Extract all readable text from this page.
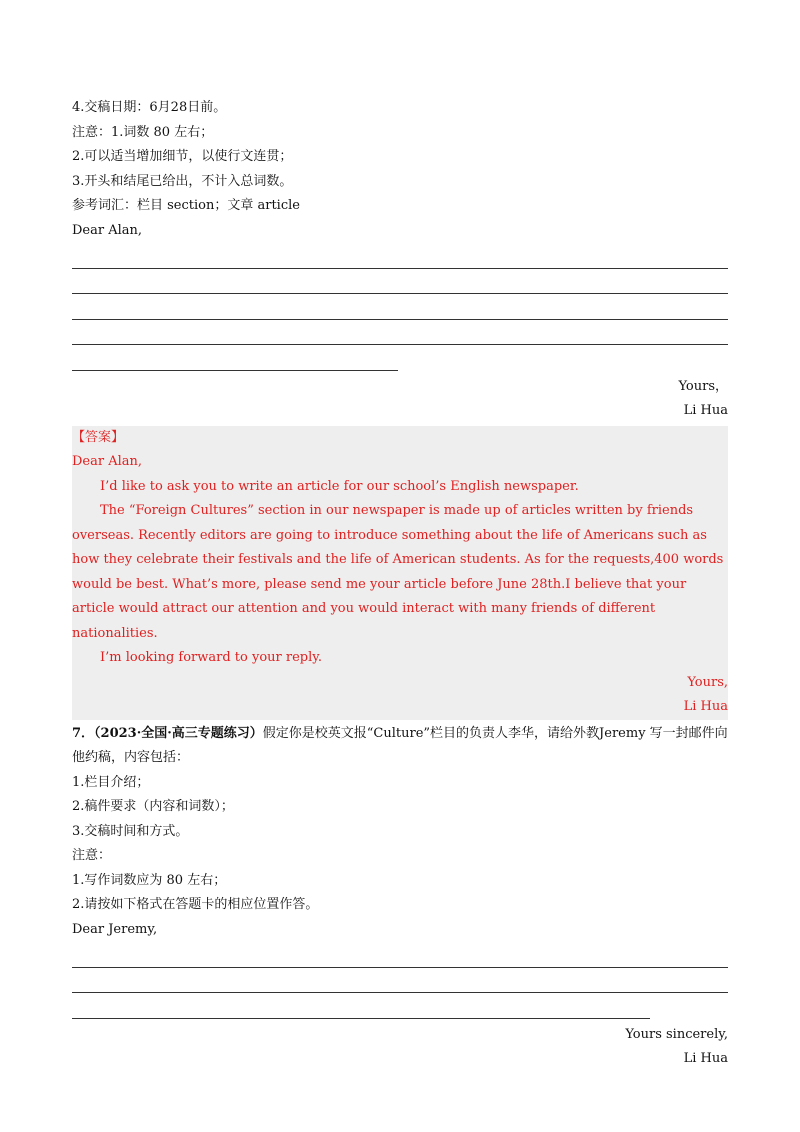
4.交稿日期：6月28日前。
注意：1.词数 80 左右；
2.可以适当增加细节，以使行文连贯；
3.开头和结尾已给出，不计入总词数。
参考词汇：栏目 section；文章 article
Dear Alan,
Yours，
Li Hua
【答案】
Dear Alan,
I’d like to ask you to write an article for our school’s English newspaper.
The “Foreign Cultures” section in our newspaper is made up of articles written by friends overseas. Recently editors are going to introduce something about the life of Americans such as how they celebrate their festivals and the life of American students. As for the requests,400 words would be best. What’s more, please send me your article before June 28th.I believe that your article would attract our attention and you would interact with many friends of different nationalities.
I’m looking forward to your reply.
Yours,
Li Hua
7．（2023·全国·高三专题练习）假定你是校英文报“Culture”栏目的负责人李华，请给外教Jeremy 写一封邮件向他约稿，内容包括：
1.栏目介绍；
2.稿件要求（内容和词数）；
3.交稿时间和方式。
注意：
1.写作词数应为 80 左右；
2.请按如下格式在答题卡的相应位置作答。
Dear Jeremy,
Yours sincerely,
Li Hua
